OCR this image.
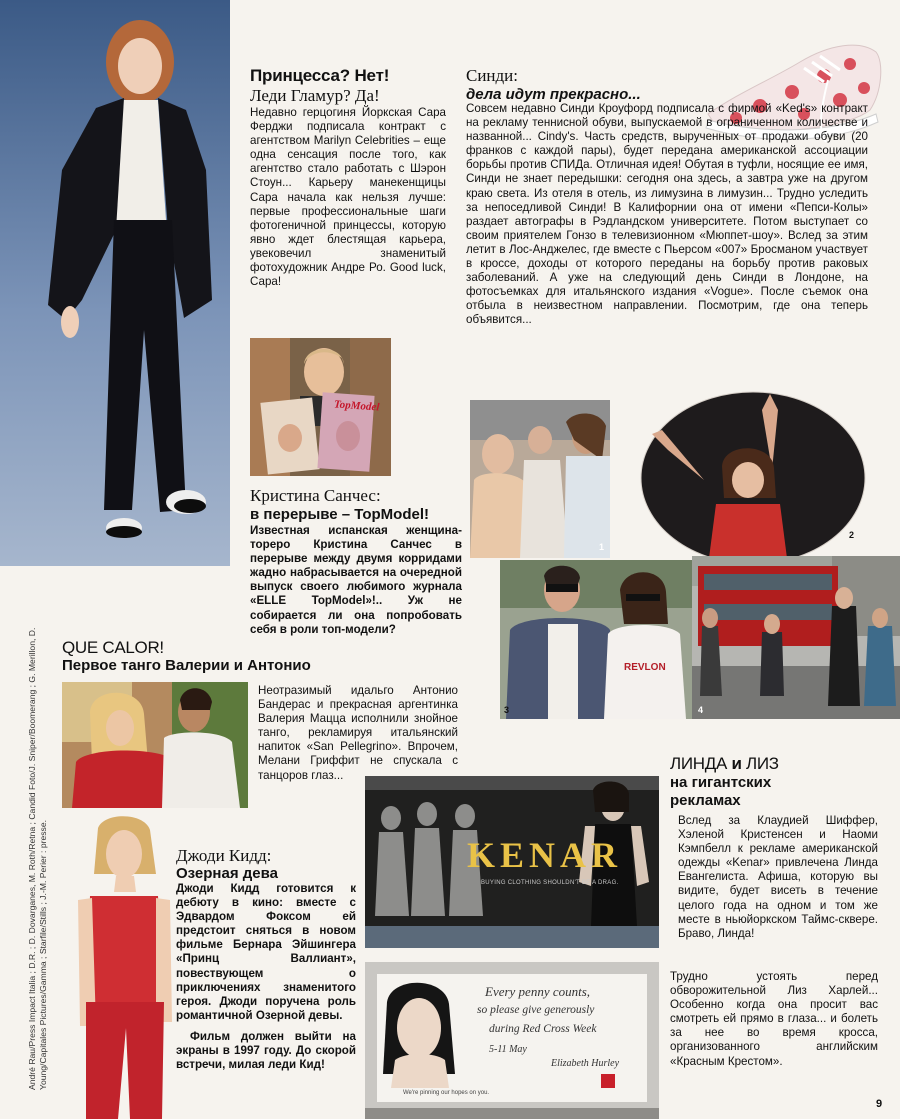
TopModel
1
2
REVLON
3	4
KENAR
BUYING CLOTHING SHOULDN'T BE A DRAG.
Every penny counts,
so please give generously
during Red Cross Week
5-11 May
Elizabeth Hurley
We're pinning our hopes on you.
Принцесса? Нет!
Леди Гламур? Да!
Недавно герцогиня Йоркская Сара Ферджи подписала контракт с агентством Marilyn Celebrities – еще одна сенсация после того, как агентство стало работать с Шэрон Стоун... Карьеру манекенщицы Сара начала как нельзя лучше: первые профессиональные шаги фотогеничной принцессы, которую явно ждет блестящая карьера, увековечил знаменитый фотохудожник Андре Ро. Good luck, Сара!
Синди:
дела идут прекрасно...
Совсем недавно Синди Кроуфорд подписала с фирмой «Ked's» контракт на рекламу теннисной обуви, выпускаемой в ограниченном количестве и названной... Cindy's. Часть средств, вырученных от продажи обуви (20 франков с каждой пары), будет передана американской ассоциации борьбы против СПИДа. Отличная идея! Обутая в туфли, носящие ее имя, Синди не знает передышки: сегодня она здесь, а завтра уже на другом краю света. Из отеля в отель, из лимузина в лимузин... Трудно уследить за непоседливой Синди! В Калифорнии она от имени «Пепси-Колы» раздает автографы в Рэдландском университете. Потом выступает со своим приятелем Гонзо в телевизионном «Мюппет-шоу». Вслед за этим летит в Лос-Анджелес, где вместе с Пьерсом «007» Бросманом участвует в кроссе, доходы от которого переданы на борьбу против раковых заболеваний. А уже на следующий день Синди в Лондоне, на фотосъемках для итальянского издания «Vogue». После съемок она отбыла в неизвестном направлении. Посмотрим, где она теперь объявится...
Кристина Санчес:
в перерыве – TopModel!
Известная испанская женщина-тореро Кристина Санчес в перерыве между двумя корридами жадно набрасывается на очередной выпуск своего любимого журнала «ELLE TopModel»!.. Уж не собирается ли она попробовать себя в роли топ-модели?
QUE CALOR!
Первое танго Валерии и Антонио
Неотразимый идальго Антонио Бандерас и прекрасная аргентинка Валерия Мацца исполнили знойное танго, рекламируя итальянский напиток «San Pellegrino». Впрочем, Мелани Гриффит не спускала с танцоров глаз...
ЛИНДА и ЛИЗ
на гигантских рекламах
Вслед за Клаудией Шиффер, Хэленой Кристенсен и Наоми Кэмпбелл к рекламе американской одежды «Kenar» привлечена Линда Евангелиста. Афиша, которую вы видите, будет висеть в течение целого года на одном и том же месте в ньюйоркском Таймс-сквере. Браво, Линда!
Трудно устоять перед обворожительной Лиз Харлей... Особенно когда она просит вас смотреть ей прямо в глаза... и болеть за нее во время кросса, организованного английским «Красным Крестом».
Джоди Кидд:
Озерная дева
Джоди Кидд готовится к дебюту в кино: вместе с Эдвардом Фоксом ей предстоит сняться в новом фильме Бернара Эйшингера «Принц Валлиант», повествующем о приключениях знаменитого героя. Джоди поручена роль романтичной Озерной девы.
Фильм должен выйти на экраны в 1997 году. До скорой встречи, милая леди Кид!
André Rau/Press Impact Italia ; D.R. ; D. Dovarganes, M. Roth/Retna ; Candid Foto/J. Sniper/Boomerang ; G. Merillon, D. Young/Capitales Pictures/Gamma ; Starfile/Stills ; J.-M. Perier : presse.
9
